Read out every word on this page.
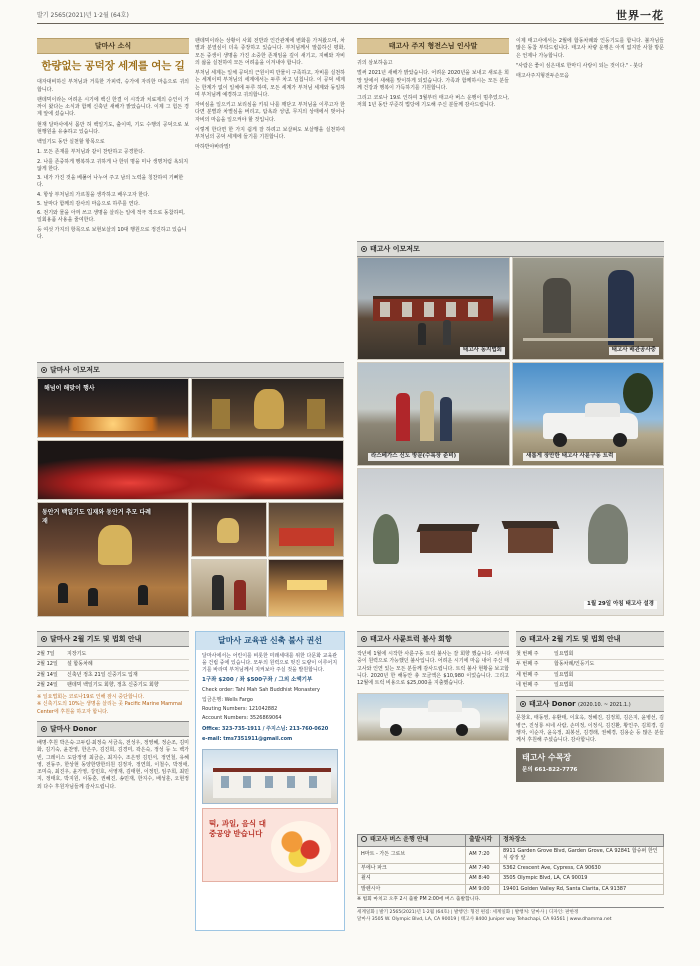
발기 2565(2021)년 1·2월 (64호)	世界一花
달마사 소식
한량없는 공덕장 세계를 여는 길

대자대비하신 부처님과 거룩한 가피력, 승가에 자리한 마음으로 귀의합니다.

팬데믹이라는 어려운 시기에 백신 한결 이 시작과 치료제의 승인이 가까이 왔다는 소식과 함께 신축년 새해가 밝았습니다. 이제 그 힘든 경계 앞에 섰습니다.

현재 달마사에서 몸만 허 백일기도, 출이며, 기도 수행의 공덕으로 보현행원을 유송하고 있습니다.

백일기도 동안 실천할 항목으로

1. 모든 존재를 부처님과 같이 찬탄하고 공경한다.
2. 나를 존중하게 행복하고 귀하게 나 한뒤 명을 미나 생명처럼 욕되지 않게 한다.
3. 내가 가진 것을 베풀어 나누어 주고 남의 노력을 칭찬하여 기뻐한다.
4. 항상 부처님의 가르침을 생각하고 배우고자 한다.
5. 날마다 함께의 감사의 마음으로 하루를 연다.
6. 전기와 물을 아껴 쓰고 생명을 살리는 일에 적극 적으로 동참하며, 일회용품 사용을 줄여한다.
등 여섯 가지의 항목으로 보현보살의 10대 행원으로 정진하고 있습니다.

팬데믹이라는 상황이 사회 전반과 인간관계에 변화를 가져왔으며, 차별과 분열심이 더욱 증장하고 있습니다. 부처님께서 말씀하신 평화, 모든 중생이 생명을 가진 소중한 존재임을 깊이 새기고, 지혜와 자비의 삶을 실천하여 모든 어려움을 이겨내야 합니다.

부처님 세계는 일체 공덕의 근원이며 만물이 구족하고, 자비를 실천하는 세계이며 부처님의 세계에서는 두루 차고 넘칩니다. 이 공덕 세계는 한계가 없이 일체에 두루 하며, 모든 세계가 부처님 세계와 동일하며 부처님께 예경하고 귀의합니다.

자비심을 일으키고 보리심을 키워 나를 깨닫고 부처님을 이루고자 한다면 분별과 차별심을 버리고, 탐욕과 성냄, 무지의 상태에서 벗어나 자비의 마음을 일으켜야 할 것입니다.

이렇게 한다면 한 가지 쉽게 잘 하려고 보살펴도 보살행을 실천하여 부처님의 공덕 세계에 들기를 기원합니다.

마하반야바라밀!

태고사 주지 형전스님 인사말

귀의 삼보하옵고

벌써 2021년 새해가 밝았습니다. 어려운 2020년을 보내고 새로운 희망 앞에서 새해를 맞이하게 되었습니다. 가족과 함께하시는 모든 분들께 건강과 행복이 가득하기를 기원합니다.

그리고 코로나 19로 인하여 3월부터 태고사 버스 운행이 멈추었으나, 저희 1년 동안 꾸준히 법당에 기도해 주신 분들께 감사드립니다.

이제 태고사에서는 2월에 합동차례와 인등기도를 합니다. 불자님들 많은 동참 부탁드립니다. 태고사 차량 운행은 아직 없지만 사찰 방문은 언제나 가능합니다.

"사람은 좋이 심은대로 한마디 사랑이 되는 것이다." - 붓다

태고사주지형전두손모음

태고사 이모저모
태고사 동지법회	태고사 배관공사중
라스베가스 신도 방문(수록장 준비)	새롭게 장만한 태고사 사륜구동 트럭
1월 29일 아침 태고사 설경
달마사 이모저모
해넘이 해맞이 행사
동안거 백일기도 입재와 동안거 추모 다례재
달마사 2월 기도 및 법회 안내
2월 7일	지장기도
2월 12일	설 합동차례
2월 14일	신축년 정초 21일 신중기도 입재
2월 24일	팬데믹 백일기도 회향, 정초 신중기도 회향

※ 일요법회는 코로나19로 인해 잠시 중단합니다.

※ 신축기도의 10%는 생명을 살리는 곳 Pacific Marine Mammal Center에 후원을 하고자 합니다.

달마사 Donor

배명·후원 박은숙·고두림·최정숙 서금옥, 전성우, 정영혜, 정순조, 김미화, 김기숙, 윤찬영, 한은주, 김진희, 김경미, 곽은숙, 정성 등 노 백가빈, 그레이스 도담정영 최금순, 최지수, 조은영 김민서, 정연철, 유혜영, 전동주, 한상현 동양한방한의원 김정자, 정연희, 이철수, 박정애, 조미숙, 최진우, 윤가영, 강민호, 서영재, 김태현, 이정민, 임주희, 최민지, 정태호, 박지원, 이동훈, 권혜진, 송민재, 한지수, 배성훈, 오현정 외 다수 후원자님들께 감사드립니다.

달마사 교육관 신축 불사 권선

달마사에서는 어린이를 비롯한 미래세대를 위한 다문화 교육관을 건립 중에 있습니다. 모두의 원력으로 멋진 도량이 이루어지기를 바라며 부처님께서 지켜보아 주실 것을 발원합니다.

1구좌 $200 / 좌 $500구좌 / 그외 소액기부

Check order: Tahl Mah Sah Buddhist Monastery

입금은행: Wells Fargo

Routing Numbers: 121042882

Account Numbers: 3526869064

Office: 323-735-1911 / 주지스님: 213-760-0620

e-mail: tms7351911@gmail.com

떡, 과일, 음식 대중공양 받습니다

태고사 사륜트럭 불사 회향

작년에 1월에 시작한 사륜구동 트럭 불사는 잘 회향 했습니다. 사부대중이 원력으로 가능했던 불사입니다. 어려운 시기에 마음 내어 주신 태고사와 인연 있는 모든 분들께 감사드립니다. 트럭 불사 현황을 보고합니다. 2020년 한 해동안 총 모금액은 $10,980 이었습니다. 그리고 12월에 트럭 비용으로 $25,000을 지출했습니다.

태고사 2월 기도 및 법회 안내
첫 번째 주	일요법회
두 번째 주	합동차례/인등기도
세 번째 주	일요법회
네 번째 주	일요법회
태고사 Donor (2020.10. ~ 2021.1.)

문창호, 태동영, 유환태, 이효옥, 정혜진, 김정희, 김은지, 윤병선, 김병근, 진성룡 씨네 사람, 손미정, 이정식, 김진환, 황인주, 김희경, 김행자, 이순자, 윤옥정, 최봉선, 김경래, 권혜경, 김용순 등 많은 분들께서 후원해 주셨습니다. 감사합니다.

태고사 수목장

문의 661-822-7776

태고사 버스 운행 안내	출발시각	정차장소
H마트 - 가든 그로브	AM 7:20	8911 Garden Grove Blvd, Garden Grove, CA 92841 합슈퍼 한인식 광장 앞
부에나 파크	AM 7:40	5362 Crescent Ave, Cypress, CA 90630
윌셔	AM 8:40	3505 Olympic Blvd, LA, CA 90019
발렌시아	AM 9:00	19401 Golden Valley Rd, Santa Clarita, CA 91387

※ 법회 마치고 오후 2시 출발 PM 2:00에 버스 출발합니다.

세계일화 | 발기 2565(2021)년 1·2월 (64호) | 발행인: 형전 편집: 세계일화 | 발행처: 달마사 | 디자인: 판한정

달마사 3505 W. Olympic Blvd, LA, CA 90019 | 태고사 8400 Juniper way Tehachapi, CA 93561 | www.dhamma.net
